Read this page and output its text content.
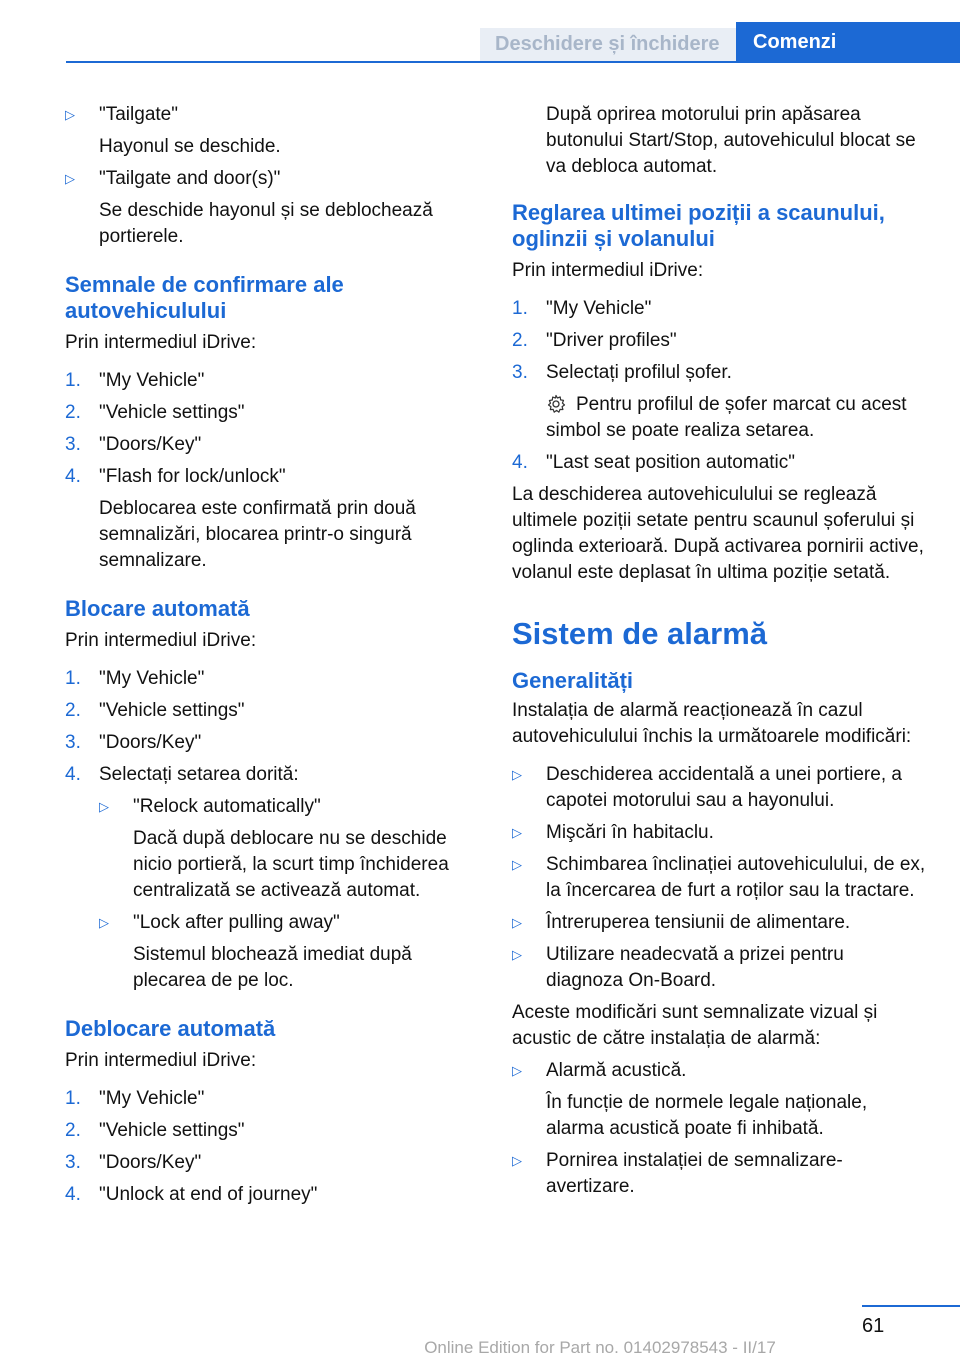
Deschidere și închidere Comenzi
▷	"Tailgate"
Hayonul se deschide.
▷	"Tailgate and door(s)"
Se deschide hayonul și se deblochează portierele.
Semnale de confirmare ale autovehiculului
Prin intermediul iDrive:
1. "My Vehicle"
2. "Vehicle settings"
3. "Doors/Key"
4. "Flash for lock/unlock"
Deblocarea este confirmată prin două semnalizări, blocarea printr-o singură semnalizare.
Blocare automată
Prin intermediul iDrive:
1. "My Vehicle"
2. "Vehicle settings"
3. "Doors/Key"
4. Selectați setarea dorită:
▷	"Relock automatically"
Dacă după deblocare nu se deschide nicio portieră, la scurt timp închiderea centralizată se activează automat.
▷	"Lock after pulling away"
Sistemul blochează imediat după plecarea de pe loc.
Deblocare automată
Prin intermediul iDrive:
1. "My Vehicle"
2. "Vehicle settings"
3. "Doors/Key"
4. "Unlock at end of journey"
După oprirea motorului prin apăsarea butonului Start/Stop, autovehiculul blocat se va debloca automat.
Reglarea ultimei poziții a scaunului, oglinzii și volanului
Prin intermediul iDrive:
1. "My Vehicle"
2. "Driver profiles"
3. Selectați profilul șofer.
Pentru profilul de șofer marcat cu acest simbol se poate realiza setarea.
4. "Last seat position automatic"
La deschiderea autovehiculului se reglează ultimele poziții setate pentru scaunul șoferului și oglinda exterioară. După activarea pornirii active, volanul este deplasat în ultima poziție setată.
Sistem de alarmă
Generalități
Instalația de alarmă reacționează în cazul autovehiculului închis la următoarele modificări:
▷	Deschiderea accidentală a unei portiere, a capotei motorului sau a hayonului.
▷	Mişcări în habitaclu.
▷	Schimbarea înclinației autovehiculului, de ex, la încercarea de furt a roților sau la tractare.
▷	Întreruperea tensiunii de alimentare.
▷	Utilizare neadecvată a prizei pentru diagnoza On-Board.
Aceste modificări sunt semnalizate vizual și acustic de către instalația de alarmă:
▷	Alarmă acustică.
În funcție de normele legale naționale, alarma acustică poate fi inhibată.
▷	Pornirea instalației de semnalizare-avertizare.
61
Online Edition for Part no. 01402978543 - II/17
